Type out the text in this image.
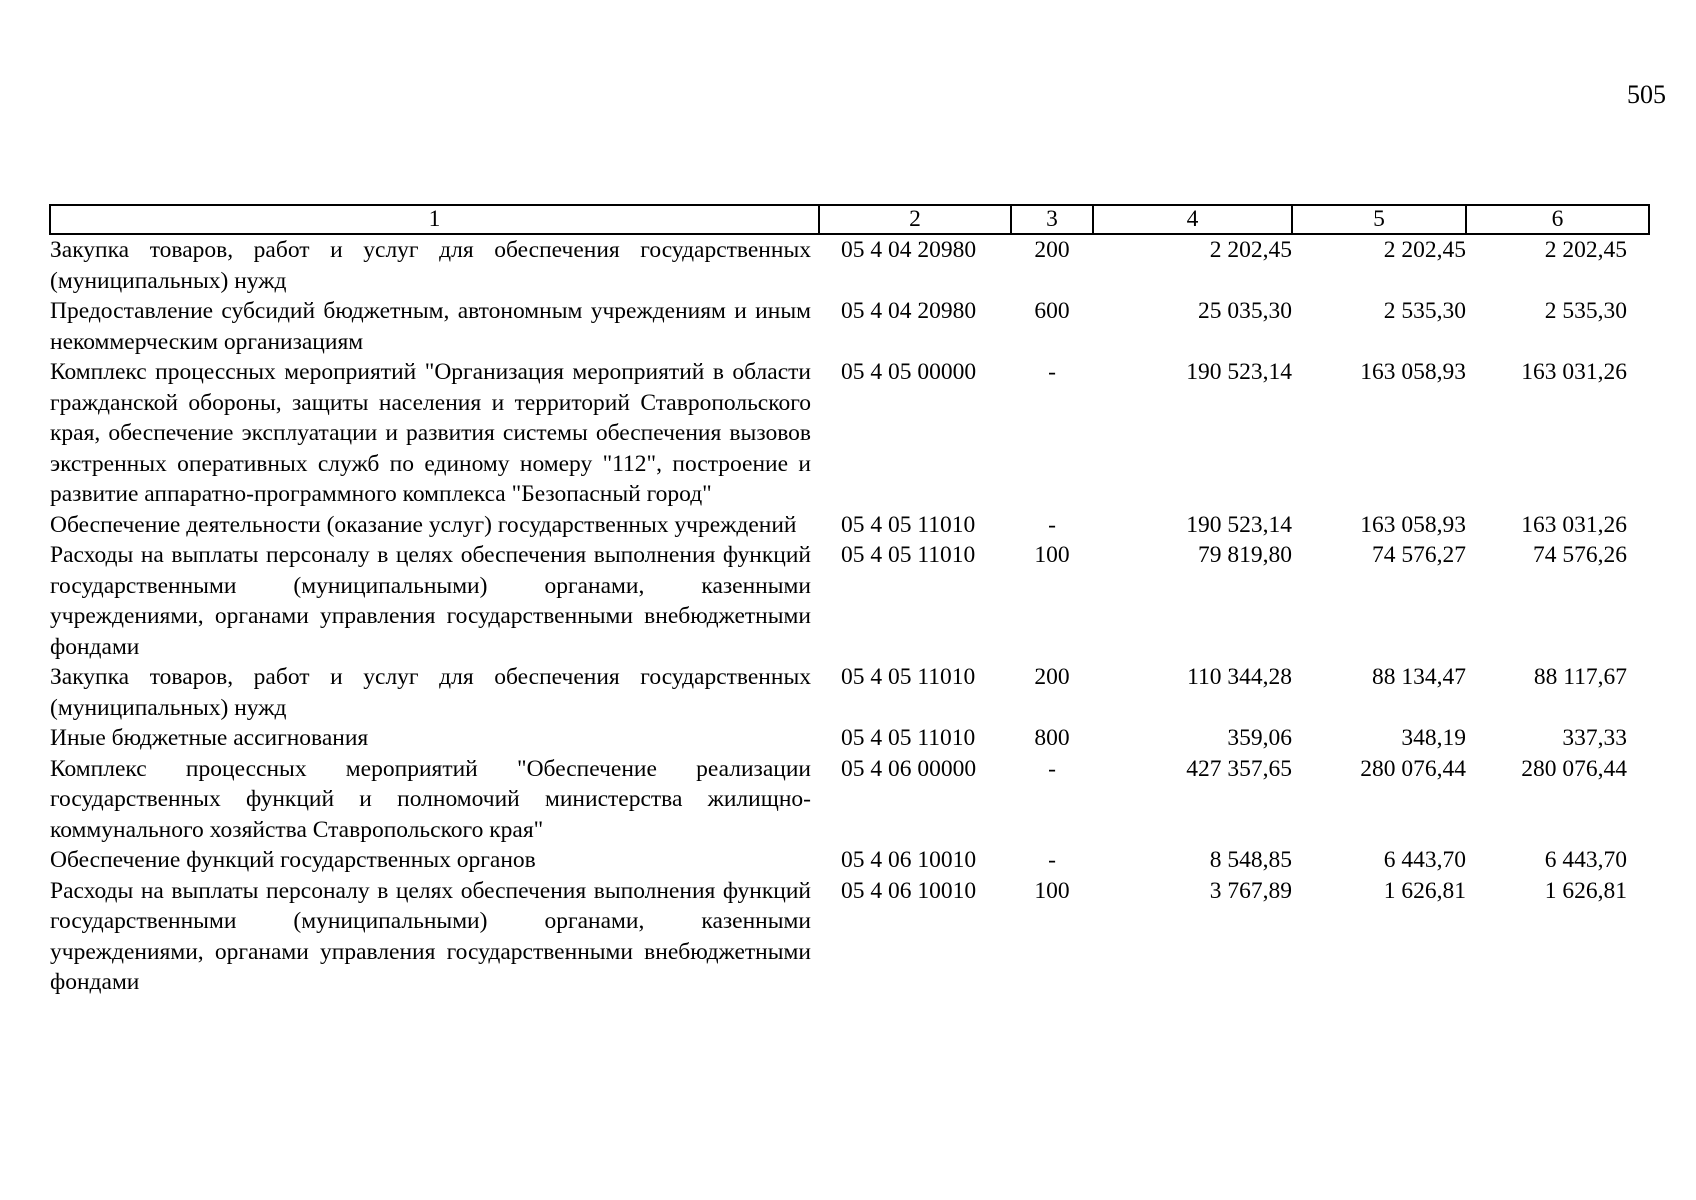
505
1	2	3	4	5	6
Закупка товаров, работ и услуг для обеспечения государственных (муниципальных) нужд	05 4 04 20980	200	2 202,45	2 202,45	2 202,45
Предоставление субсидий бюджетным, автономным учреждениям и иным некоммерческим организациям	05 4 04 20980	600	25 035,30	2 535,30	2 535,30
Комплекс процессных мероприятий "Организация мероприятий в области гражданской обороны, защиты населения и территорий Ставропольского края, обеспечение эксплуатации и развития системы обеспечения вызовов экстренных оперативных служб по единому номеру "112", построение и развитие аппаратно-программного комплекса "Безопасный город"	05 4 05 00000	-	190 523,14	163 058,93	163 031,26
Обеспечение деятельности (оказание услуг) государственных учреждений	05 4 05 11010	-	190 523,14	163 058,93	163 031,26
Расходы на выплаты персоналу в целях обеспечения выполнения функций государственными (муниципальными) органами, казенными учреждениями, органами управления государственными внебюджетными фондами	05 4 05 11010	100	79 819,80	74 576,27	74 576,26
Закупка товаров, работ и услуг для обеспечения государственных (муниципальных) нужд	05 4 05 11010	200	110 344,28	88 134,47	88 117,67
Иные бюджетные ассигнования	05 4 05 11010	800	359,06	348,19	337,33
Комплекс процессных мероприятий "Обеспечение реализации государственных функций и полномочий министерства жилищно-коммунального хозяйства Ставропольского края"	05 4 06 00000	-	427 357,65	280 076,44	280 076,44
Обеспечение функций государственных органов	05 4 06 10010	-	8 548,85	6 443,70	6 443,70
Расходы на выплаты персоналу в целях обеспечения выполнения функций государственными (муниципальными) органами, казенными учреждениями, органами управления государственными внебюджетными фондами	05 4 06 10010	100	3 767,89	1 626,81	1 626,81
